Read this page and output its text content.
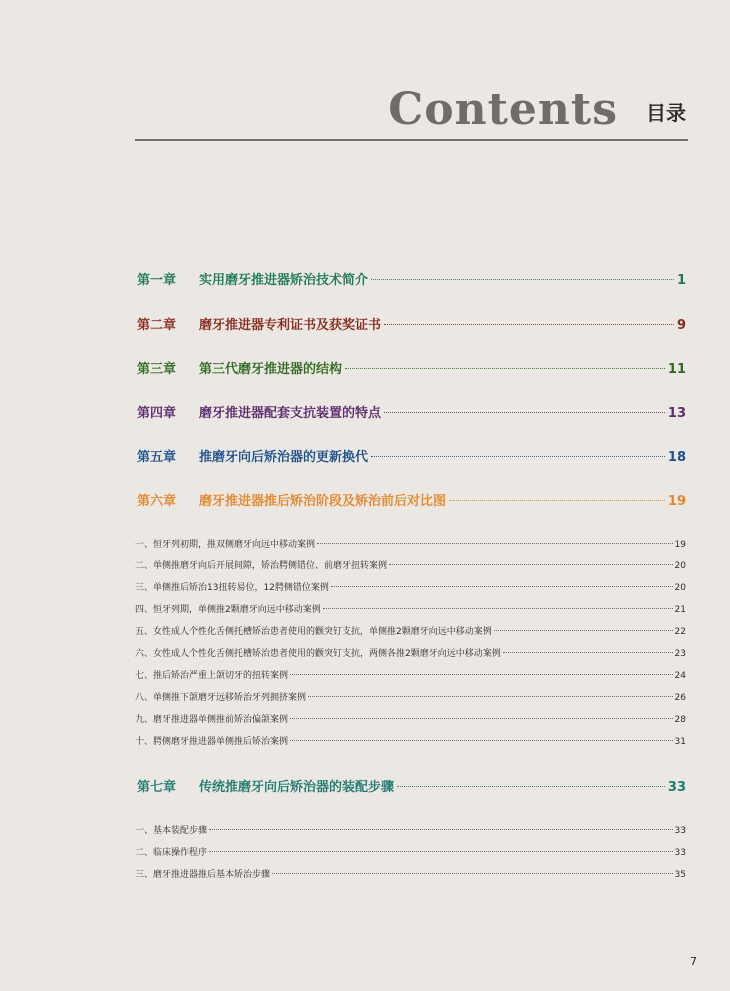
Contents 目录
第一章	实用磨牙推进器矫治技术简介	1
第二章	磨牙推进器专利证书及获奖证书	9
第三章	第三代磨牙推进器的结构	11
第四章	磨牙推进器配套支抗装置的特点	13
第五章	推磨牙向后矫治器的更新换代	18
第六章	磨牙推进器推后矫治阶段及矫治前后对比图	19
一、恒牙列初期，推双侧磨牙向远中移动案例	19
二、单侧推磨牙向后开展间隙，矫治腭侧错位、前磨牙扭转案例	20
三、单侧推后矫治13扭转易位，12腭侧错位案例	20
四、恒牙列期，单侧推2颗磨牙向远中移动案例	21
五、女性成人个性化舌侧托槽矫治患者使用的颧突钉支抗，单侧推2颗磨牙向远中移动案例	22
六、女性成人个性化舌侧托槽矫治患者使用的颧突钉支抗，两侧各推2颗磨牙向远中移动案例	23
七、推后矫治严重上颌切牙的扭转案例	24
八、单侧推下颌磨牙远移矫治牙列拥挤案例	26
九、磨牙推进器单侧推前矫治偏颌案例	28
十、腭侧磨牙推进器单侧推后矫治案例	31
第七章	传统推磨牙向后矫治器的装配步骤	33
一、基本装配步骤	33
二、临床操作程序	33
三、磨牙推进器推后基本矫治步骤	35
7
